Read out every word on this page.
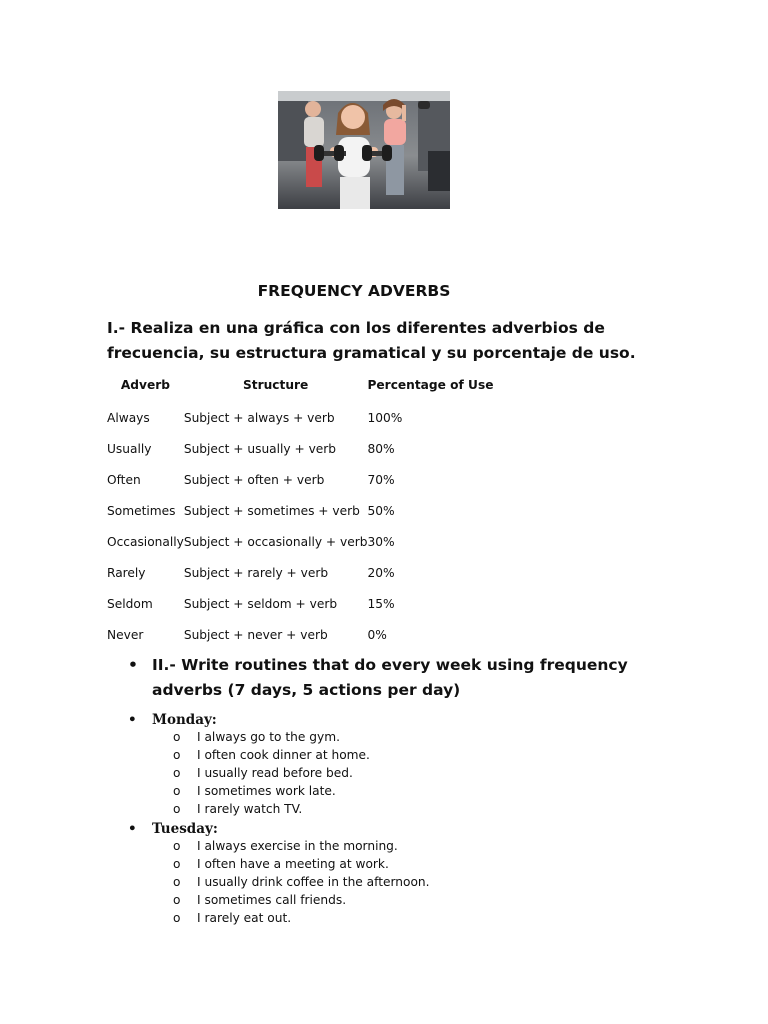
FREQUENCY ADVERBS
I.- Realiza en una gráfica con los diferentes adverbios de frecuencia, su estructura gramatical y su porcentaje de uso.
Adverb	Structure	Percentage of Use
Always	Subject + always + verb	100%
Usually	Subject + usually + verb	80%
Often	Subject + often + verb	70%
Sometimes	Subject + sometimes + verb	50%
Occasionally	Subject + occasionally + verb	30%
Rarely	Subject + rarely + verb	20%
Seldom	Subject + seldom + verb	15%
Never	Subject + never + verb	0%
• II.- Write routines that do every week using frequency adverbs (7 days, 5 actions per day)
• Monday:
o I always go to the gym.
o I often cook dinner at home.
o I usually read before bed.
o I sometimes work late.
o I rarely watch TV.
• Tuesday:
o I always exercise in the morning.
o I often have a meeting at work.
o I usually drink coffee in the afternoon.
o I sometimes call friends.
o I rarely eat out.
